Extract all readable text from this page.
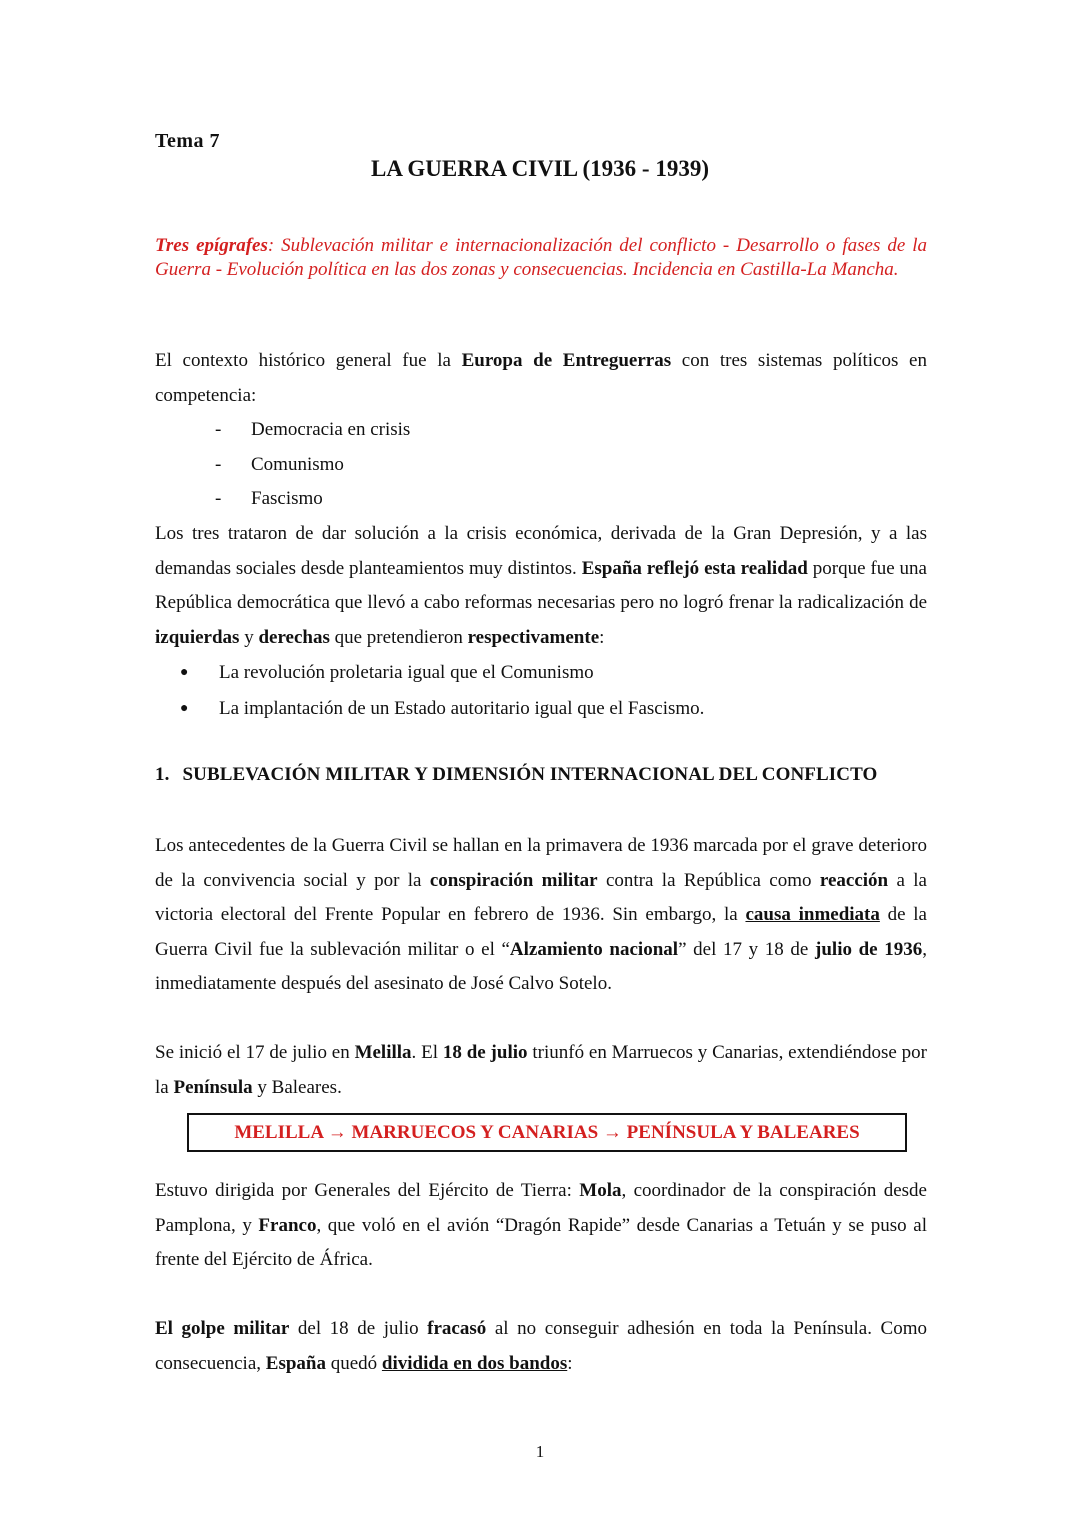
Tema 7
LA GUERRA CIVIL (1936 - 1939)
Tres epígrafes: Sublevación militar e internacionalización del conflicto - Desarrollo o fases de la Guerra - Evolución política en las dos zonas y consecuencias. Incidencia en Castilla-La Mancha.
El contexto histórico general fue la Europa de Entreguerras con tres sistemas políticos en competencia:
-	Democracia en crisis
-	Comunismo
-	Fascismo
Los tres trataron de dar solución a la crisis económica, derivada de la Gran Depresión, y a las demandas sociales desde planteamientos muy distintos. España reflejó esta realidad porque fue una República democrática que llevó a cabo reformas necesarias pero no logró frenar la radicalización de izquierdas y derechas que pretendieron respectivamente:
●	La revolución proletaria igual que el Comunismo
●	La implantación de un Estado autoritario igual que el Fascismo.
1. SUBLEVACIÓN MILITAR Y DIMENSIÓN INTERNACIONAL DEL CONFLICTO
Los antecedentes de la Guerra Civil se hallan en la primavera de 1936 marcada por el grave deterioro de la convivencia social y por la conspiración militar contra la República como reacción a la victoria electoral del Frente Popular en febrero de 1936. Sin embargo, la causa inmediata de la Guerra Civil fue la sublevación militar o el “Alzamiento nacional” del 17 y 18 de julio de 1936, inmediatamente después del asesinato de José Calvo Sotelo.
Se inició el 17 de julio en Melilla. El 18 de julio triunfó en Marruecos y Canarias, extendiéndose por la Península y Baleares.
MELILLA → MARRUECOS Y CANARIAS → PENÍNSULA Y BALEARES
Estuvo dirigida por Generales del Ejército de Tierra: Mola, coordinador de la conspiración desde Pamplona, y Franco, que voló en el avión “Dragón Rapide” desde Canarias a Tetuán y se puso al frente del Ejército de África.
El golpe militar del 18 de julio fracasó al no conseguir adhesión en toda la Península. Como consecuencia, España quedó dividida en dos bandos:
1
